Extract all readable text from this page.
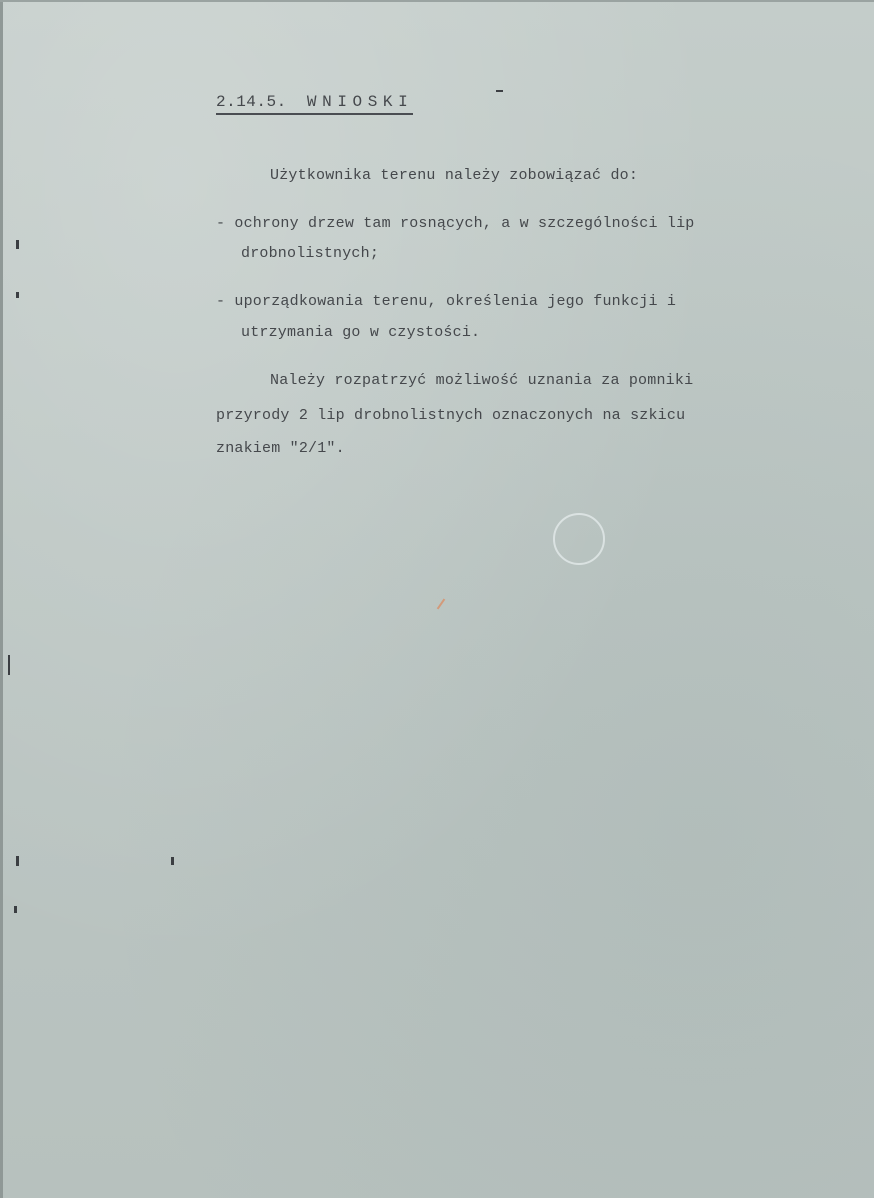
2.14.5. WNIOSKI
Użytkownika terenu należy zobowiązać do:
- ochrony drzew tam rosnących, a w szczególności lip
drobnolistnych;
- uporządkowania terenu, określenia jego funkcji i
utrzymania go w czystości.
Należy rozpatrzyć możliwość uznania za pomniki
przyrody 2 lip drobnolistnych oznaczonych na szkicu
znakiem "2/1".
